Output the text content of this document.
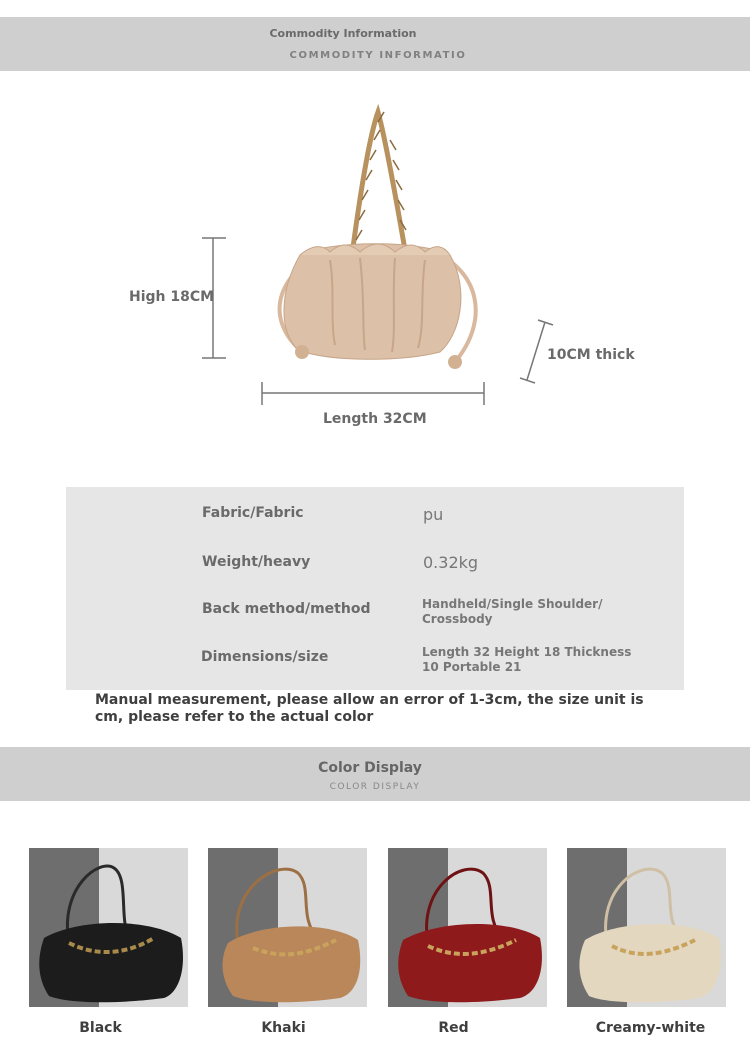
Commodity Information
COMMODITY INFORMATIO
High 18CM
Length 32CM
10CM thick
Fabric/Fabric	pu
Weight/heavy	0.32kg
Back method/method	Handheld/Single Shoulder/ Crossbody
Dimensions/size	Length 32 Height 18 Thickness 10 Portable 21
Manual measurement, please allow an error of 1-3cm, the size unit is cm, please refer to the actual color
Color Display
COLOR DISPLAY
Black	Khaki	Red	Creamy-white
